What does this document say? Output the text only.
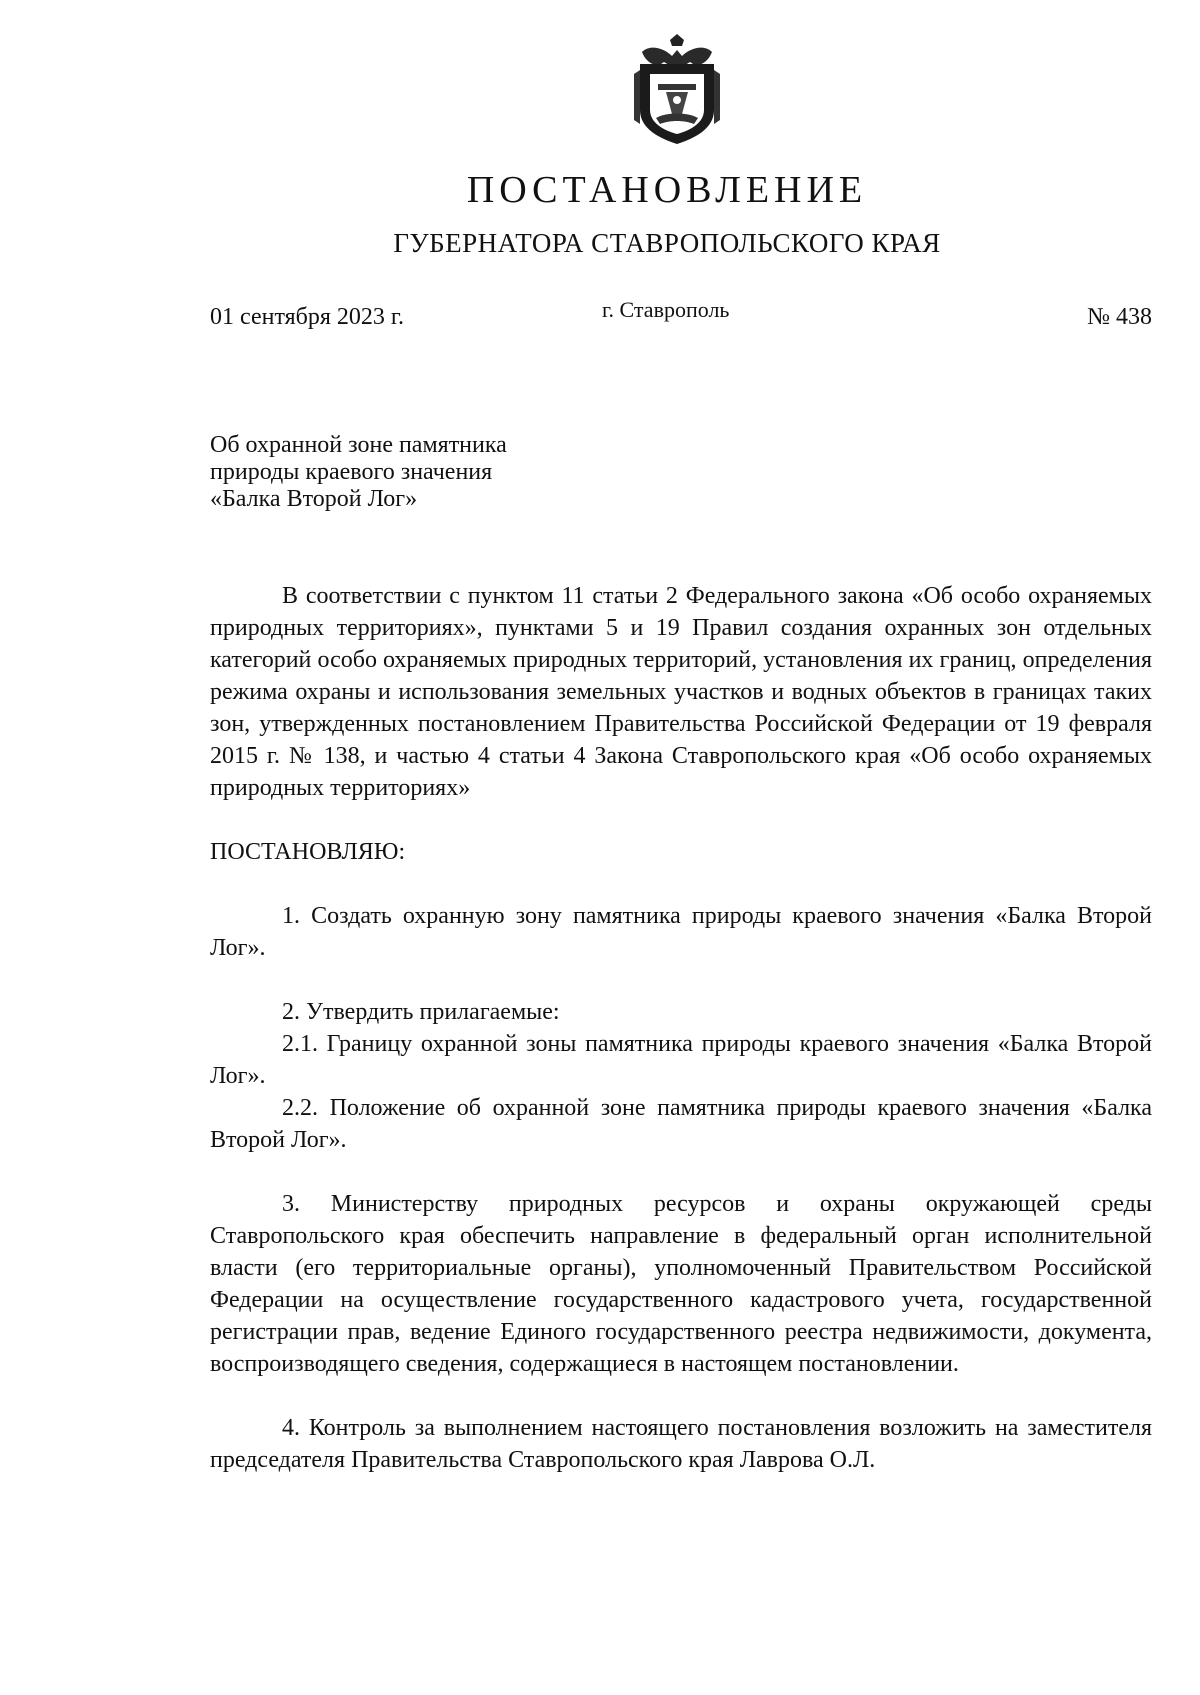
ПОСТАНОВЛЕНИЕ
ГУБЕРНАТОРА СТАВРОПОЛЬСКОГО КРАЯ
01 сентября 2023 г.	г. Ставрополь	№ 438
Об охранной зоне памятника
природы краевого значения
«Балка Второй Лог»

В соответствии с пунктом 11 статьи 2 Федерального закона «Об особо охраняемых природных территориях», пунктами 5 и 19 Правил создания охранных зон отдельных категорий особо охраняемых природных территорий, установления их границ, определения режима охраны и использования земельных участков и водных объектов в границах таких зон, утвержденных постановлением Правительства Российской Федерации от 19 февраля 2015 г. № 138, и частью 4 статьи 4 Закона Ставропольского края «Об особо охраняемых природных территориях»

ПОСТАНОВЛЯЮ:

1. Создать охранную зону памятника природы краевого значения «Балка Второй Лог».

2. Утвердить прилагаемые:

2.1. Границу охранной зоны памятника природы краевого значения «Балка Второй Лог».

2.2. Положение об охранной зоне памятника природы краевого значения «Балка Второй Лог».

3. Министерству природных ресурсов и охраны окружающей среды Ставропольского края обеспечить направление в федеральный орган исполнительной власти (его территориальные органы), уполномоченный Правительством Российской Федерации на осуществление государственного кадастрового учета, государственной регистрации прав, ведение Единого государственного реестра недвижимости, документа, воспроизводящего сведения, содержащиеся в настоящем постановлении.

4. Контроль за выполнением настоящего постановления возложить на заместителя председателя Правительства Ставропольского края Лаврова О.Л.
